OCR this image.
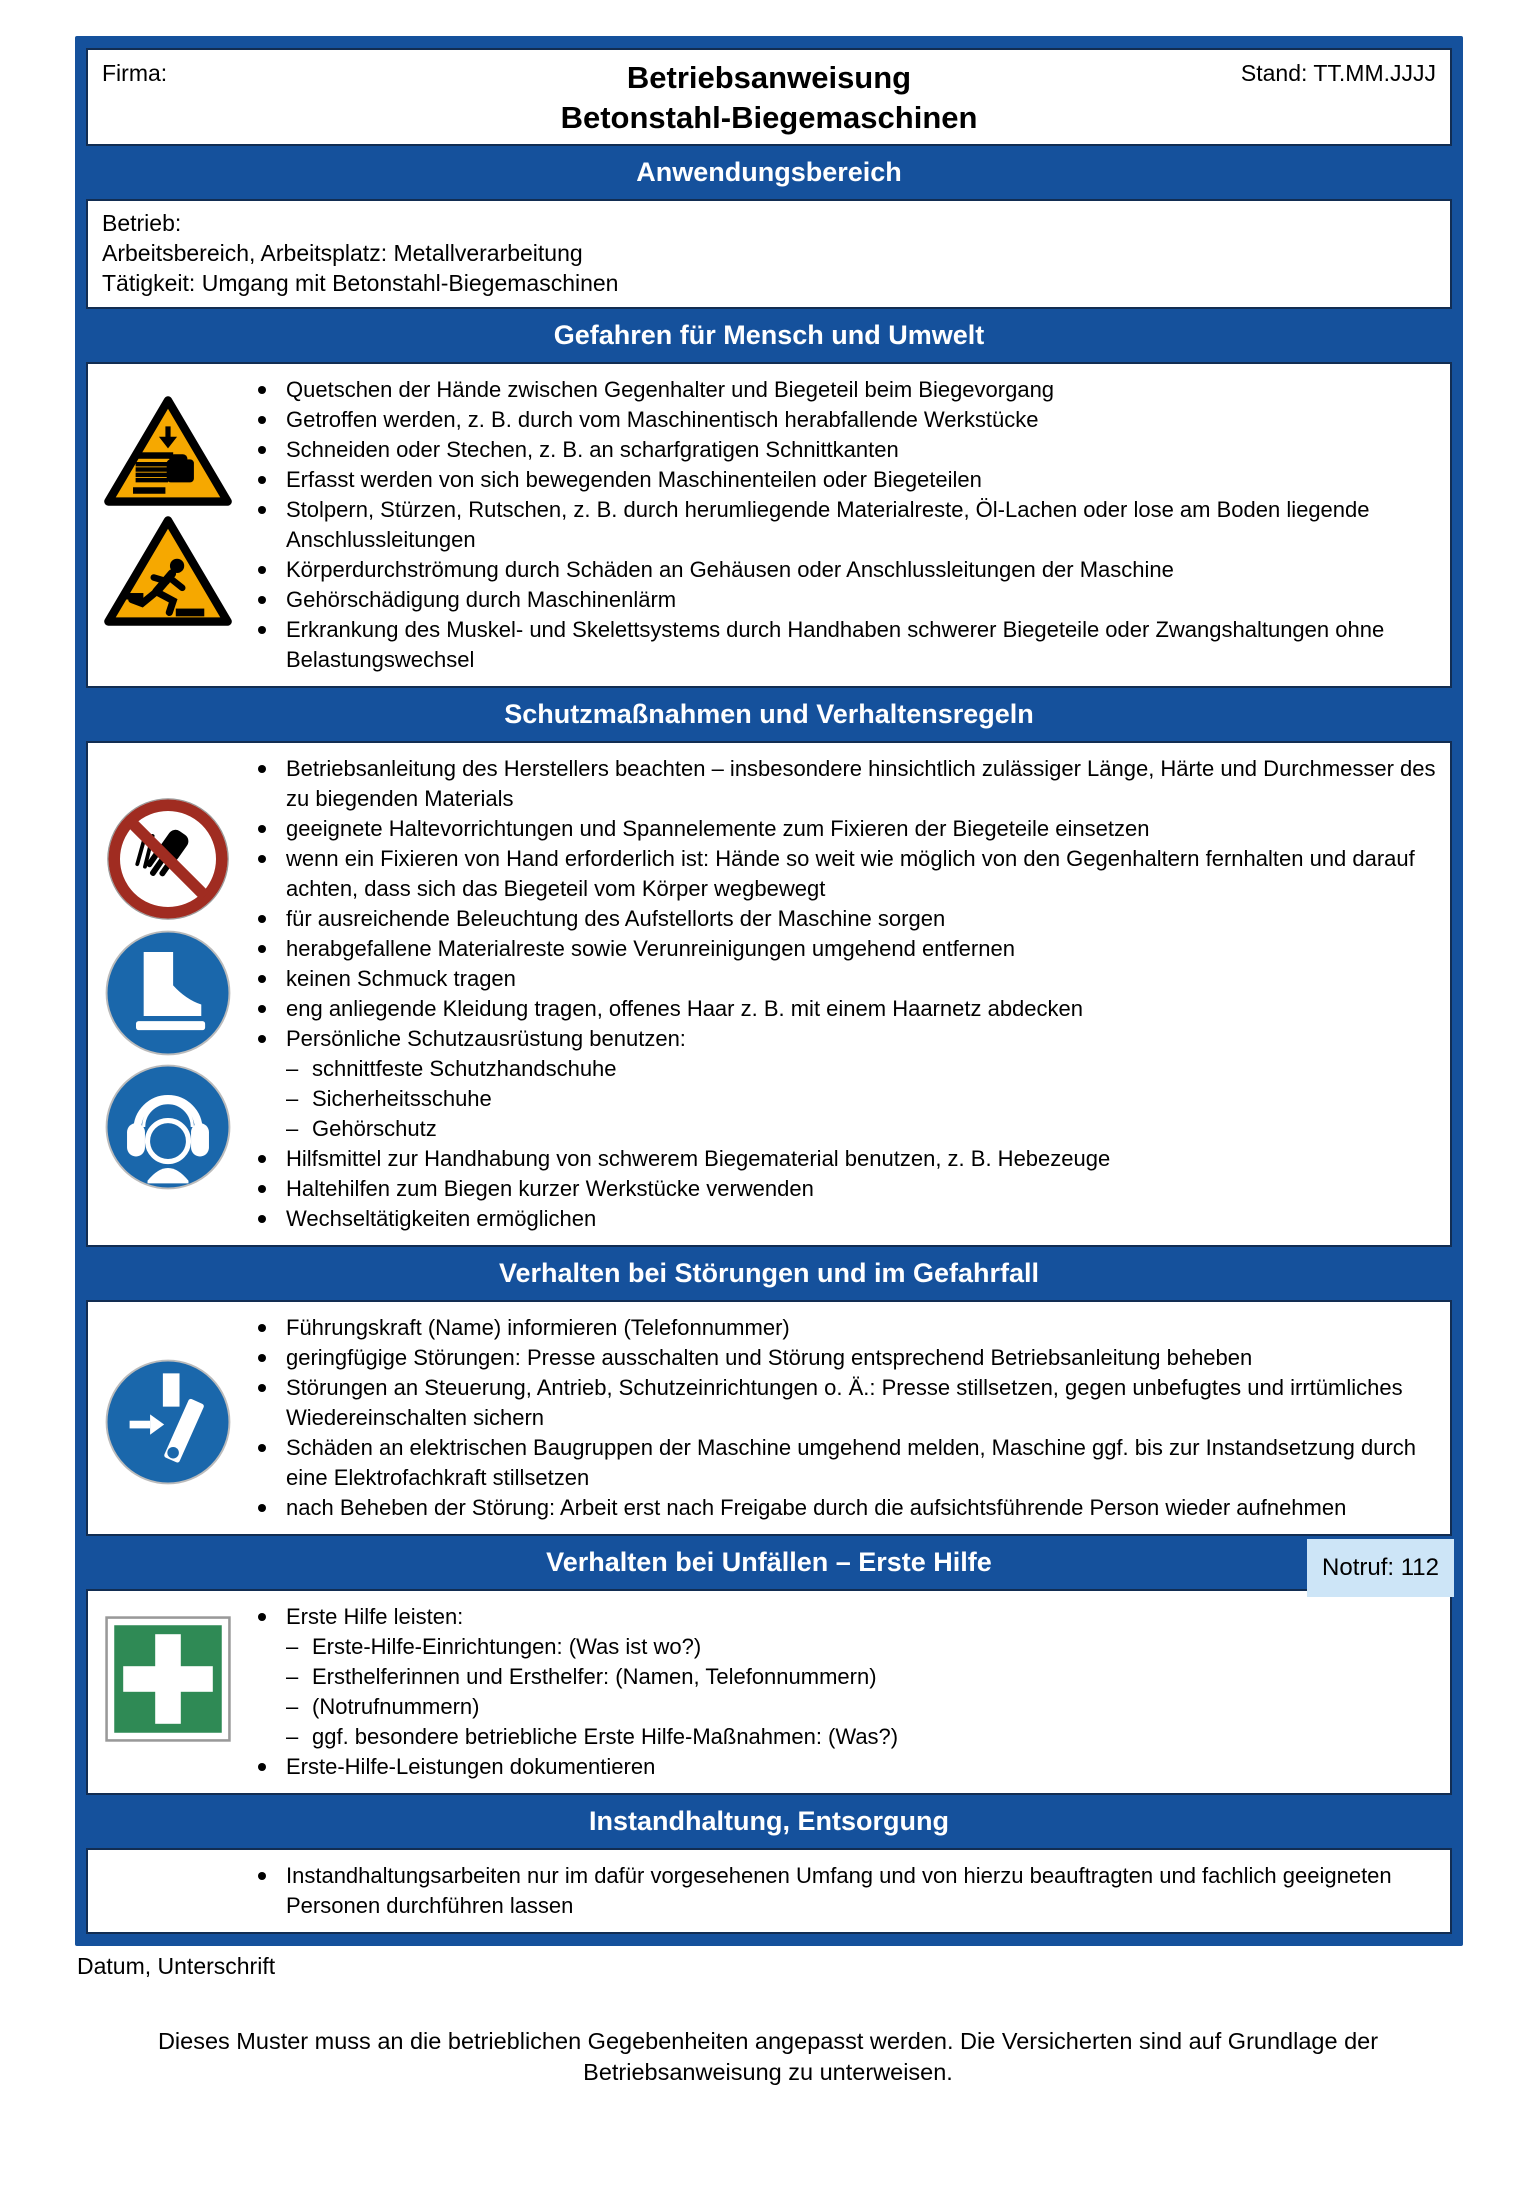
Firma:	Betriebsanweisung
Betonstahl-Biegemaschinen
Stand: TT.MM.JJJJ
Anwendungsbereich
Betrieb:
Arbeitsbereich, Arbeitsplatz: Metallverarbeitung
Tätigkeit: Umgang mit Betonstahl-Biegemaschinen
Gefahren für Mensch und Umwelt
Quetschen der Hände zwischen Gegenhalter und Biegeteil beim Biegevorgang
Getroffen werden, z. B. durch vom Maschinentisch herabfallende Werkstücke
Schneiden oder Stechen, z. B. an scharfgratigen Schnittkanten
Erfasst werden von sich bewegenden Maschinenteilen oder Biegeteilen
Stolpern, Stürzen, Rutschen, z. B. durch herumliegende Materialreste, Öl-Lachen oder lose am Boden liegende Anschlussleitungen
Körperdurchströmung durch Schäden an Gehäusen oder Anschlussleitungen der Maschine
Gehörschädigung durch Maschinenlärm
Erkrankung des Muskel- und Skelettsystems durch Handhaben schwerer Biegeteile oder Zwangshaltungen ohne Belastungswechsel
Schutzmaßnahmen und Verhaltensregeln
Betriebsanleitung des Herstellers beachten – insbesondere hinsichtlich zulässiger Länge, Härte und Durchmesser des zu biegenden Materials
geeignete Haltevorrichtungen und Spannelemente zum Fixieren der Biegeteile einsetzen
wenn ein Fixieren von Hand erforderlich ist: Hände so weit wie möglich von den Gegenhaltern fernhalten und darauf achten, dass sich das Biegeteil vom Körper wegbewegt
für ausreichende Beleuchtung des Aufstellorts der Maschine sorgen
herabgefallene Materialreste sowie Verunreinigungen umgehend entfernen
keinen Schmuck tragen
eng anliegende Kleidung tragen, offenes Haar z. B. mit einem Haarnetz abdecken
Persönliche Schutzausrüstung benutzen:
– schnittfeste Schutzhandschuhe
– Sicherheitsschuhe
– Gehörschutz
Hilfsmittel zur Handhabung von schwerem Biegematerial benutzen, z. B. Hebezeuge
Haltehilfen zum Biegen kurzer Werkstücke verwenden
Wechseltätigkeiten ermöglichen
Verhalten bei Störungen und im Gefahrfall
Führungskraft (Name) informieren (Telefonnummer)
geringfügige Störungen: Presse ausschalten und Störung entsprechend Betriebsanleitung beheben
Störungen an Steuerung, Antrieb, Schutzeinrichtungen o. Ä.: Presse stillsetzen, gegen unbefugtes und irrtümliches Wiedereinschalten sichern
Schäden an elektrischen Baugruppen der Maschine umgehend melden, Maschine ggf. bis zur Instandsetzung durch eine Elektrofachkraft stillsetzen
nach Beheben der Störung: Arbeit erst nach Freigabe durch die aufsichtsführende Person wieder aufnehmen
Verhalten bei Unfällen – Erste Hilfe	Notruf: 112
Erste Hilfe leisten:
– Erste-Hilfe-Einrichtungen: (Was ist wo?)
– Ersthelferinnen und Ersthelfer: (Namen, Telefonnummern)
– (Notrufnummern)
– ggf. besondere betriebliche Erste Hilfe-Maßnahmen: (Was?)
Erste-Hilfe-Leistungen dokumentieren
Instandhaltung, Entsorgung
Instandhaltungsarbeiten nur im dafür vorgesehenen Umfang und von hierzu beauftragten und fachlich geeigneten Personen durchführen lassen
Datum, Unterschrift
Dieses Muster muss an die betrieblichen Gegebenheiten angepasst werden. Die Versicherten sind auf Grundlage der Betriebsanweisung zu unterweisen.
